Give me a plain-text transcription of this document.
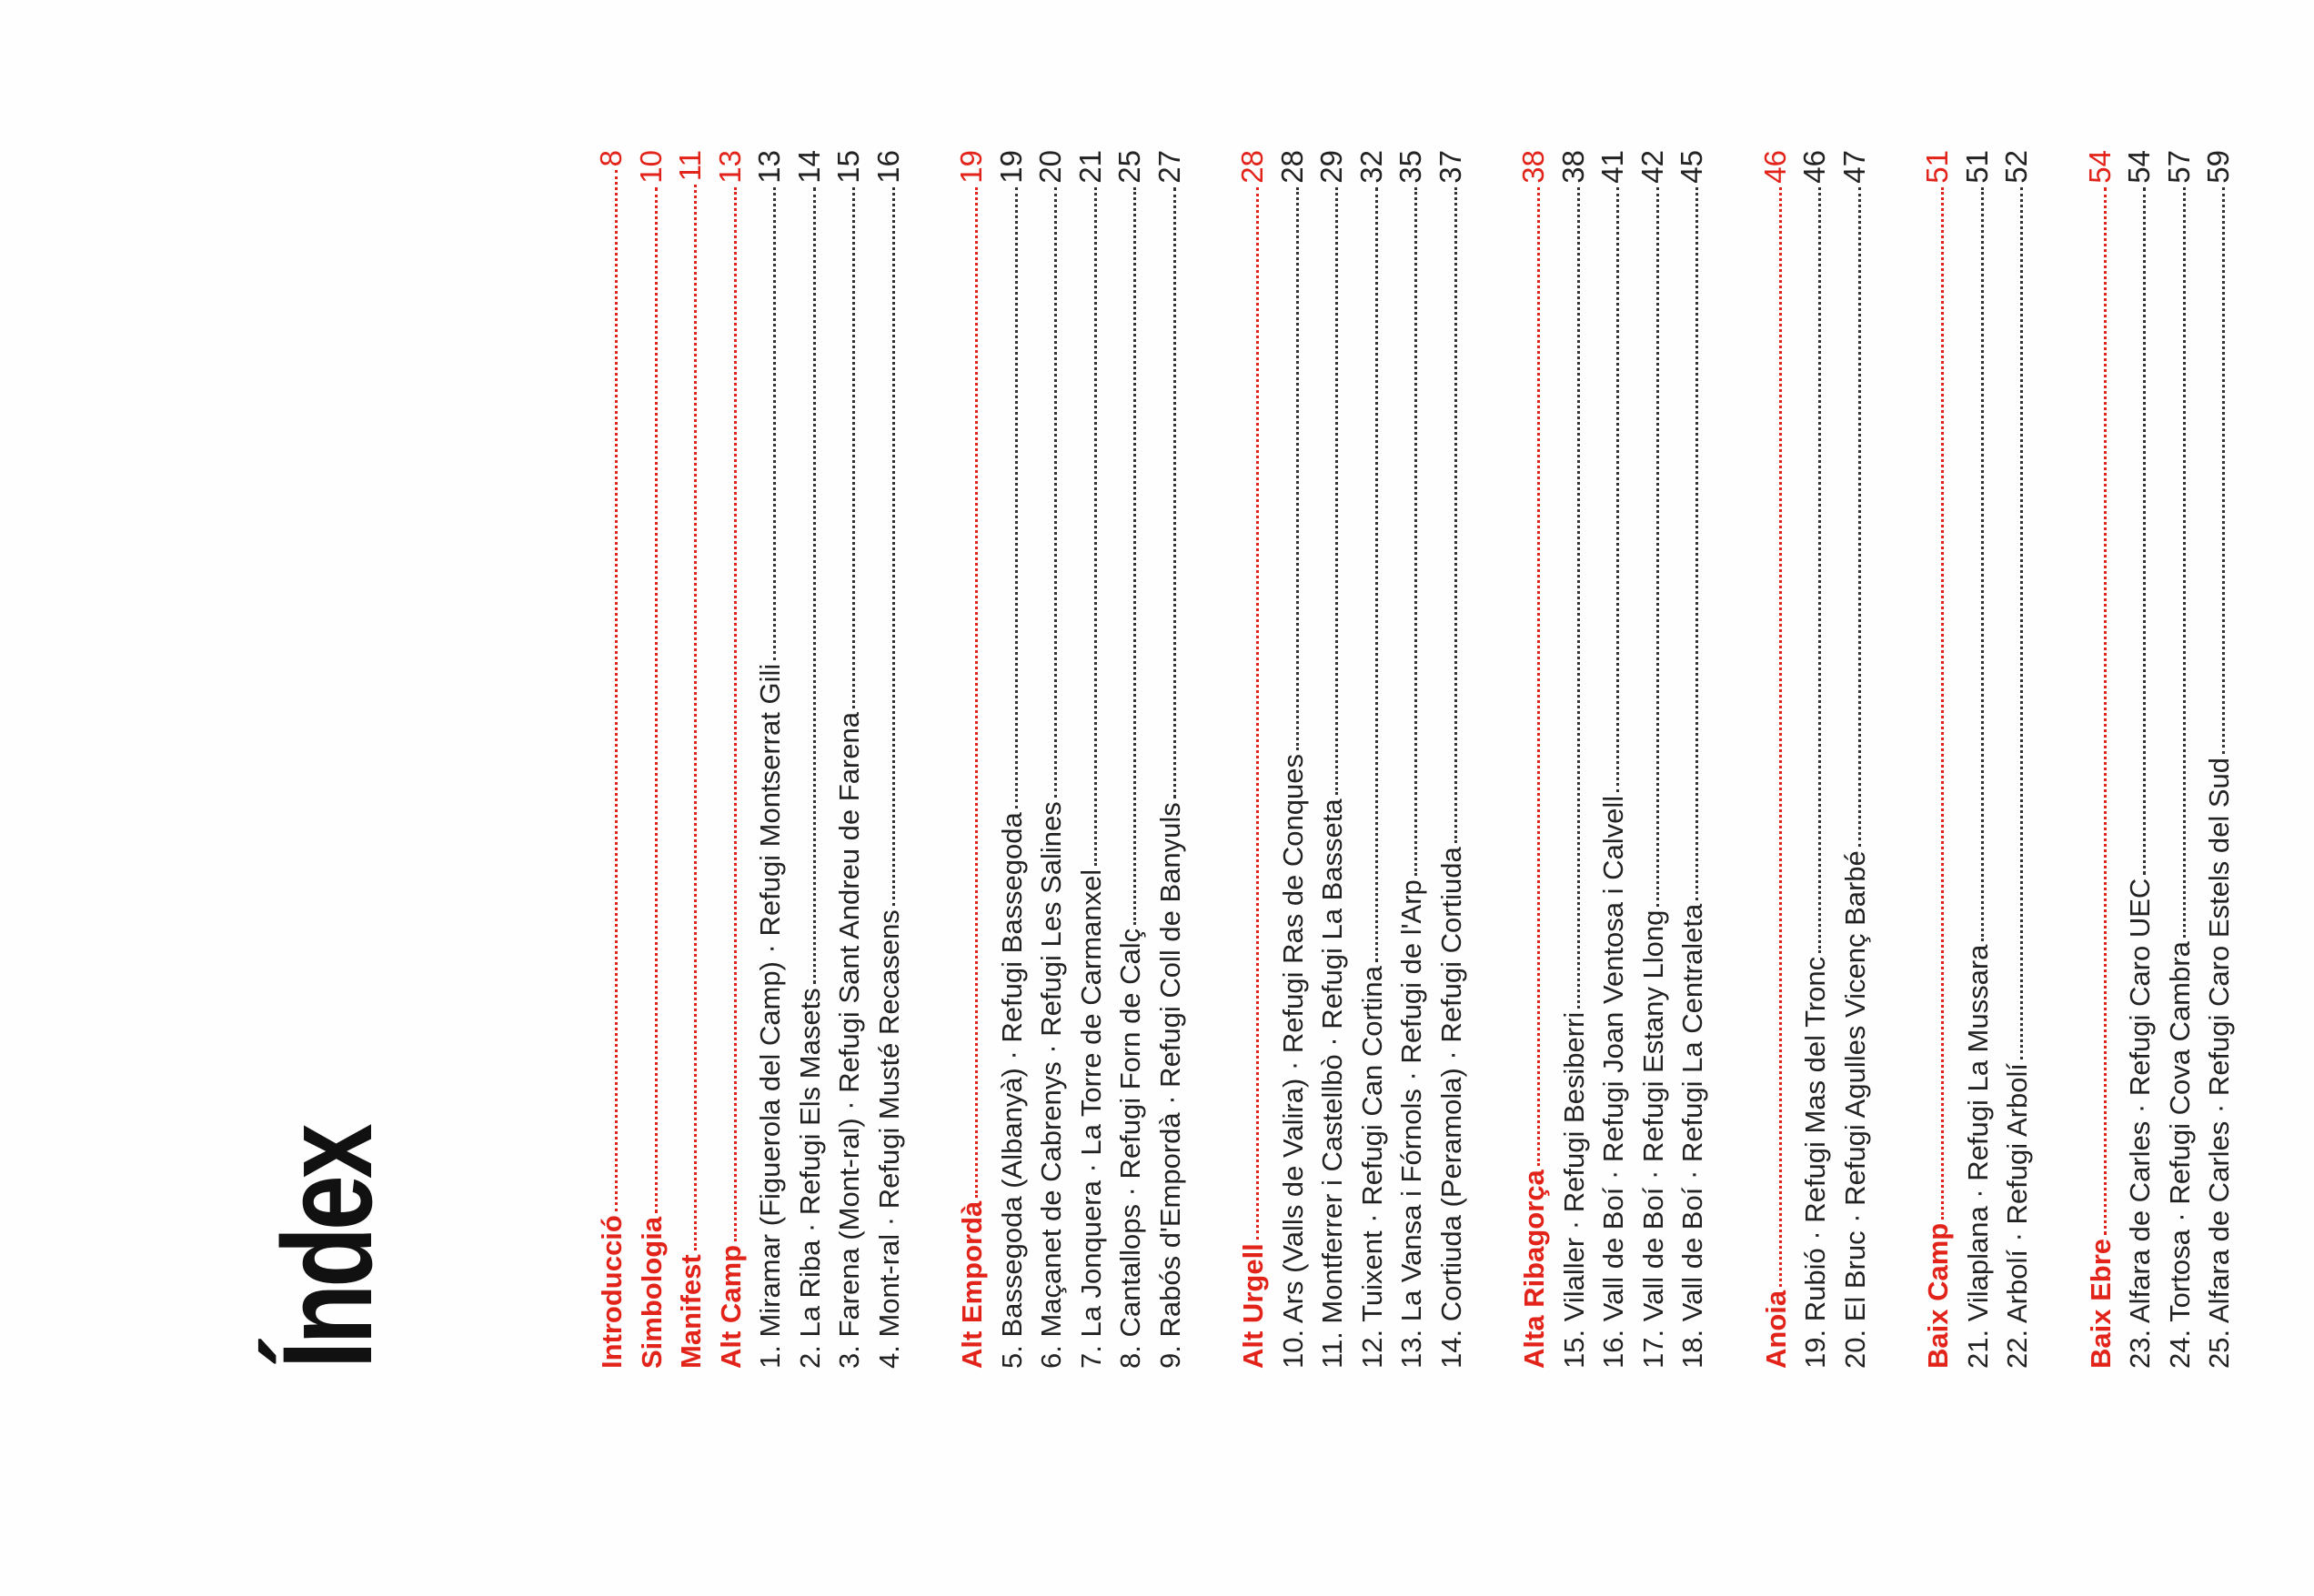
Índex	Introducció
8
Simbologia
10
Manifest
11
Alt Camp
13
1. Miramar (Figuerola del Camp) · Refugi Montserrat Gili
13
2. La Riba · Refugi Els Masets
14
3. Farena (Mont-ral) · Refugi Sant Andreu de Farena
15
4. Mont-ral · Refugi Musté Recasens
16
Alt Empordà
19
5. Bassegoda (Albanyà) · Refugi Bassegoda
19
6. Maçanet de Cabrenys · Refugi Les Salines
20
7. La Jonquera · La Torre de Carmanxel
21
8. Cantallops · Refugi Forn de Calç
25
9. Rabós d'Empordà · Refugi Coll de Banyuls
27
Alt Urgell
28
10. Ars (Valls de Valira) · Refugi Ras de Conques
28
11. Montferrer i Castellbò · Refugi La Basseta
29
12. Tuixent · Refugi Can Cortina
32
13. La Vansa i Fórnols · Refugi de l'Arp
35
14. Cortiuda (Peramola) · Refugi Cortiuda
37
Alta Ribagorça
38
15. Vilaller · Refugi Besiberri
38
16. Vall de Boí · Refugi Joan Ventosa i Calvell
41
17. Vall de Boí · Refugi Estany Llong
42
18. Vall de Boí · Refugi La Centraleta
45
Anoia
46
19. Rubió · Refugi Mas del Tronc
46
20. El Bruc · Refugi Agulles Vicenç Barbé
47
Baix Camp
51
21. Vilaplana · Refugi La Mussara
51
22. Arbolí · Refugi Arbolí
52
Baix Ebre
54
23. Alfara de Carles · Refugi Caro UEC
54
24. Tortosa · Refugi Cova Cambra
57
25. Alfara de Carles · Refugi Caro Estels del Sud
59
